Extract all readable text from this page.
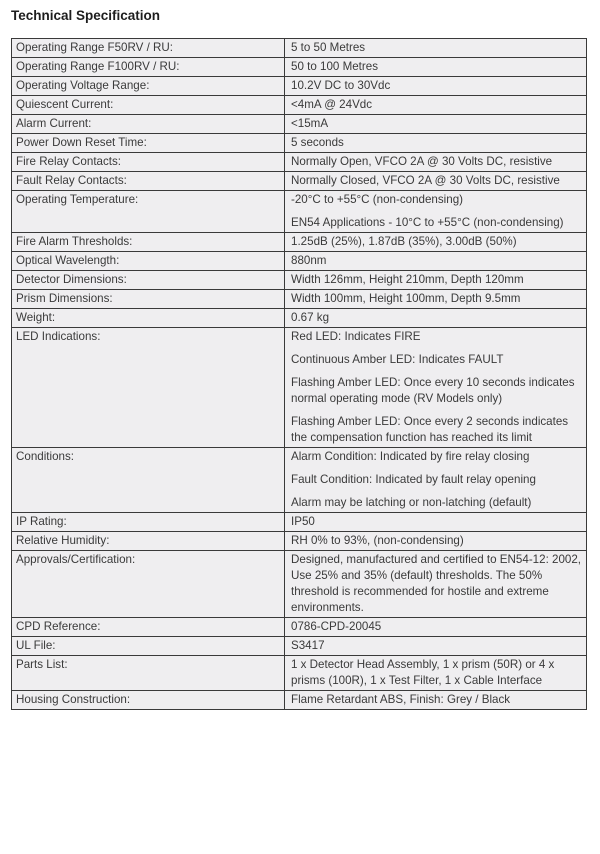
Technical Specification
Operating Range F50RV / RU:	5 to 50 Metres

Operating Range F100RV / RU:	50 to 100 Metres

Operating Voltage Range:	10.2V DC to 30Vdc

Quiescent Current:	<4mA @ 24Vdc

Alarm Current:	<15mA

Power Down Reset Time:	5 seconds

Fire Relay Contacts:	Normally Open, VFCO 2A @ 30 Volts DC, resistive

Fault Relay Contacts:	Normally Closed, VFCO 2A @ 30 Volts DC, resistive

Operating Temperature:	-20°C to +55°C (non-condensing)
EN54 Applications - 10°C to +55°C (non-condensing)

Fire Alarm Thresholds:	1.25dB (25%), 1.87dB (35%), 3.00dB (50%)

Optical Wavelength:	880nm

Detector Dimensions:	Width 126mm, Height 210mm, Depth 120mm

Prism Dimensions:	Width 100mm, Height 100mm, Depth 9.5mm

Weight:	0.67 kg

LED Indications:	Red LED: Indicates FIRE
Continuous Amber LED: Indicates FAULT
Flashing Amber LED: Once every 10 seconds indicates normal operating mode (RV Models only)
Flashing Amber LED: Once every 2 seconds indicates the compensation function has reached its limit

Conditions:	Alarm Condition: Indicated by fire relay closing
Fault Condition: Indicated by fault relay opening
Alarm may be latching or non-latching (default)

IP Rating:	IP50

Relative Humidity:	RH 0% to 93%, (non-condensing)

Approvals/Certification:	Designed, manufactured and certified to EN54-12: 2002, Use 25% and 35% (default) thresholds. The 50% threshold is recommended for hostile and extreme environments.

CPD Reference:	0786-CPD-20045

UL File:	S3417

Parts List:	1 x Detector Head Assembly, 1 x prism (50R) or 4 x prisms (100R), 1 x Test Filter, 1 x Cable Interface

Housing Construction:	Flame Retardant ABS, Finish: Grey / Black
